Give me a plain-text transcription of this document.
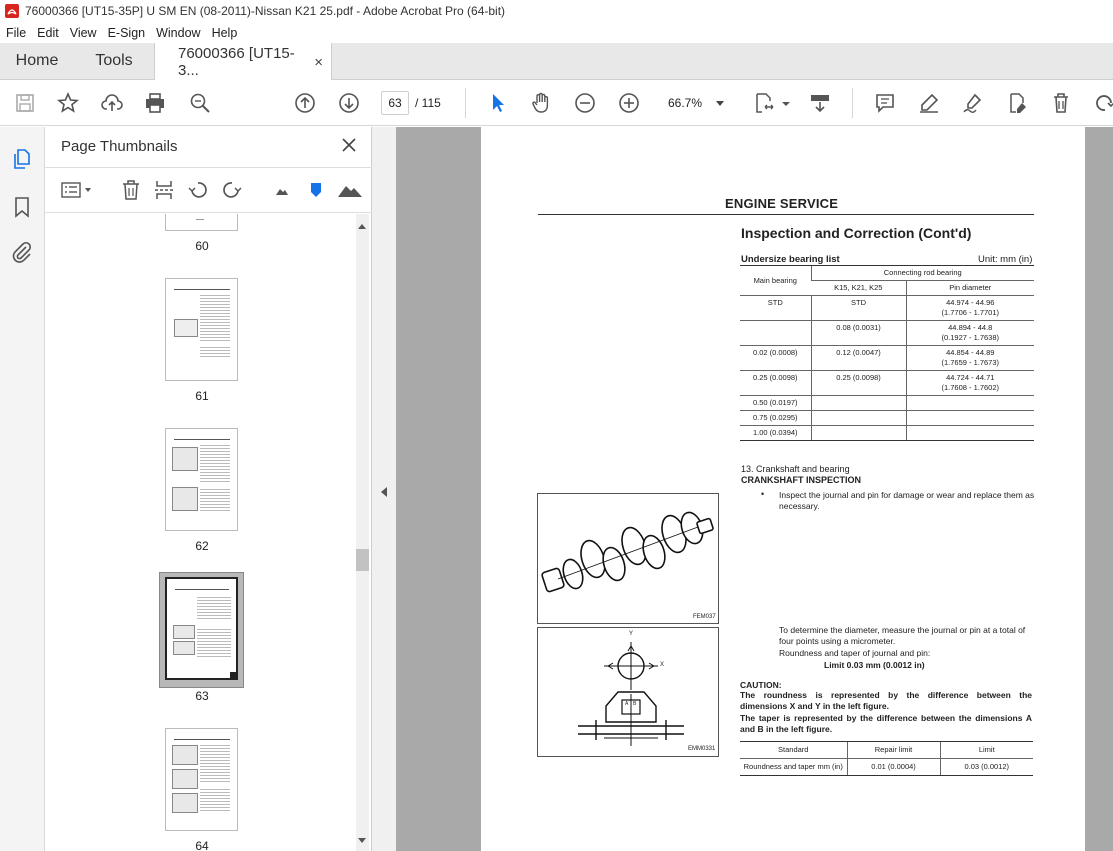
76000366 [UT15-35P] U SM EN (08-2011)-Nissan K21 25.pdf - Adobe Acrobat Pro (64-bit)
File Edit View E-Sign Window Help
Home	Tools	76000366 [UT15-3...	×
63	/ 115	66.7%
Page Thumbnails
60
61
62
63
64
ENGINE SERVICE
Inspection and Correction (Cont'd)
Undersize bearing list	Unit: mm (in)
Main bearing	Connecting rod bearing	
	K15, K21, K25	Pin diameter
STD	STD	44.974 - 44.96
(1.7706 - 1.7701)
	0.08 (0.0031)	44.894 - 44.8
(0.1927 - 1.7638)
0.02 (0.0008)	0.12 (0.0047)	44.854 - 44.89
(1.7659 - 1.7673)
0.25 (0.0098)	0.25 (0.0098)	44.724 - 44.71
(1.7608 - 1.7602)
0.50 (0.0197)		
0.75 (0.0295)		
1.00 (0.0394)		
13. Crankshaft and bearing
CRANKSHAFT INSPECTION
• Inspect the journal and pin for damage or wear and replace them as necessary.
FEM037
Y
X
A B
EMM0331
To determine the diameter, measure the journal or pin at a total of four points using a micrometer.
Roundness and taper of journal and pin:
Limit 0.03 mm (0.0012 in)
CAUTION:
The roundness is represented by the difference between the dimensions X and Y in the left figure.
The taper is represented by the difference between the dimensions A and B in the left figure.
Standard	Repair limit	Limit
Roundness and taper mm (in)	0.01 (0.0004)	0.03 (0.0012)
